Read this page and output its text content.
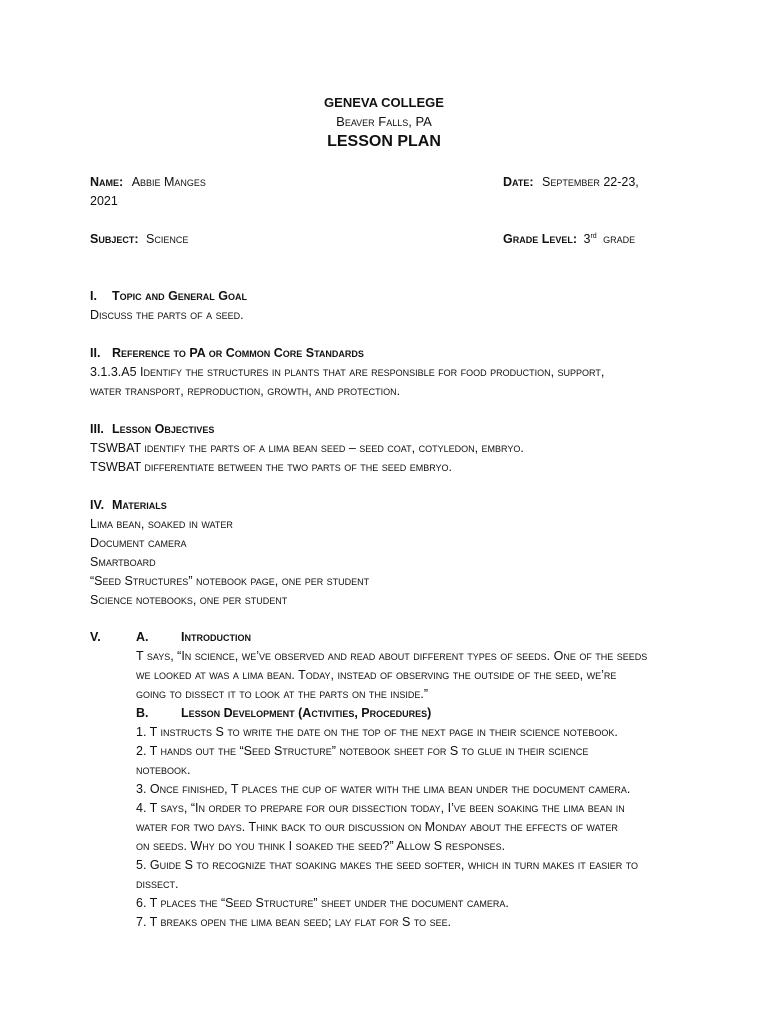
GENEVA COLLEGE
Beaver Falls, PA
LESSON PLAN
Name: Abbie Manges	Date: September 22-23,
2021
Subject: Science	Grade Level: 3rd grade
I. Topic and General Goal
Discuss the parts of a seed.
II. Reference to PA or Common Core Standards
3.1.3.A5 Identify the structures in plants that are responsible for food production, support,
water transport, reproduction, growth, and protection.
III. Lesson Objectives
TSWBAT identify the parts of a lima bean seed – seed coat, cotyledon, embryo.
TSWBAT differentiate between the two parts of the seed embryo.
IV. Materials
Lima bean, soaked in water
Document camera
Smartboard
“Seed Structures” notebook page, one per student
Science notebooks, one per student
V.	A.	Introduction
T says, “In science, we’ve observed and read about different types of seeds. One of the seeds
we looked at was a lima bean. Today, instead of observing the outside of the seed, we’re
going to dissect it to look at the parts on the inside.”
B.	Lesson Development (Activities, Procedures)
1. T instructs S to write the date on the top of the next page in their science notebook.
2. T hands out the “Seed Structure” notebook sheet for S to glue in their science
notebook.
3. Once finished, T places the cup of water with the lima bean under the document camera.
4. T says, “In order to prepare for our dissection today, I’ve been soaking the lima bean in
water for two days. Think back to our discussion on Monday about the effects of water
on seeds. Why do you think I soaked the seed?” Allow S responses.
5. Guide S to recognize that soaking makes the seed softer, which in turn makes it easier to
dissect.
6. T places the “Seed Structure” sheet under the document camera.
7. T breaks open the lima bean seed; lay flat for S to see.
